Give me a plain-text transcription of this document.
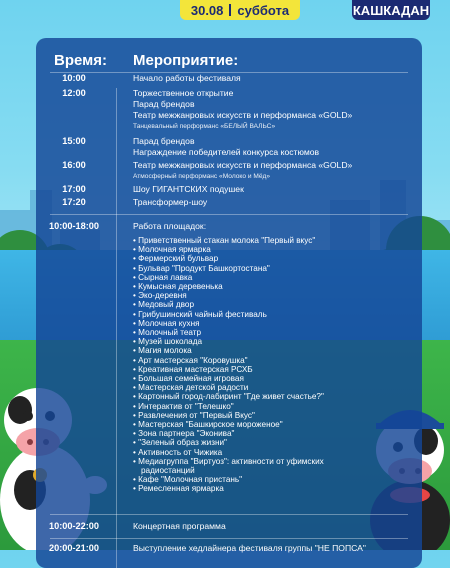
30.08 суббота	КАШКАДАН
Время: Мероприятие:
10:00	Начало работы фестиваля
12:00	Торжественное открытие
Парад брендов
Театр межжанровых искусств и перформанса «GOLD»
Танцевальный перформанс «БЕЛЫЙ ВАЛЬС»
15:00	Парад брендов
Награждение победителей конкурса костюмов
16:00	Театр межжанровых искусств и перформанса «GOLD»
Атмосферный перформанс «Молоко и Мёд»
17:00	Шоу ГИГАНТСКИХ подушек
17:20	Трансформер-шоу
10:00-18:00	Работа площадок:
• Приветственный стакан молока "Первый вкус"
• Молочная ярмарка
• Фермерский бульвар
• Бульвар "Продукт Башкортостана"
• Сырная лавка
• Кумысная деревенька
• Эко-деревня
• Медовый двор
• Грибушинский чайный фестиваль
• Молочная кухня
• Молочный театр
• Музей шоколада
• Магия молока
• Арт мастерская "Коровушка"
• Креативная мастерская РСХБ
• Большая семейная игровая
• Мастерская детской радости
• Картонный город-лабиринт "Где живет счастье?"
• Интерактив от "Телешко"
• Развлечения от "Первый Вкус"
• Мастерская "Башкирское мороженое"
• Зона партнера "Эконива"
• "Зеленый образ жизни"
• Активность от Чижика
• Медиагруппа "Виртуоз": активности от уфимских
радиостанций
• Кафе "Молочная пристань"
• Ремесленная ярмарка
10:00-22:00	Концертная программа
20:00-21:00	Выступление хедлайнера фестиваля группы "НЕ ПОПСА"
